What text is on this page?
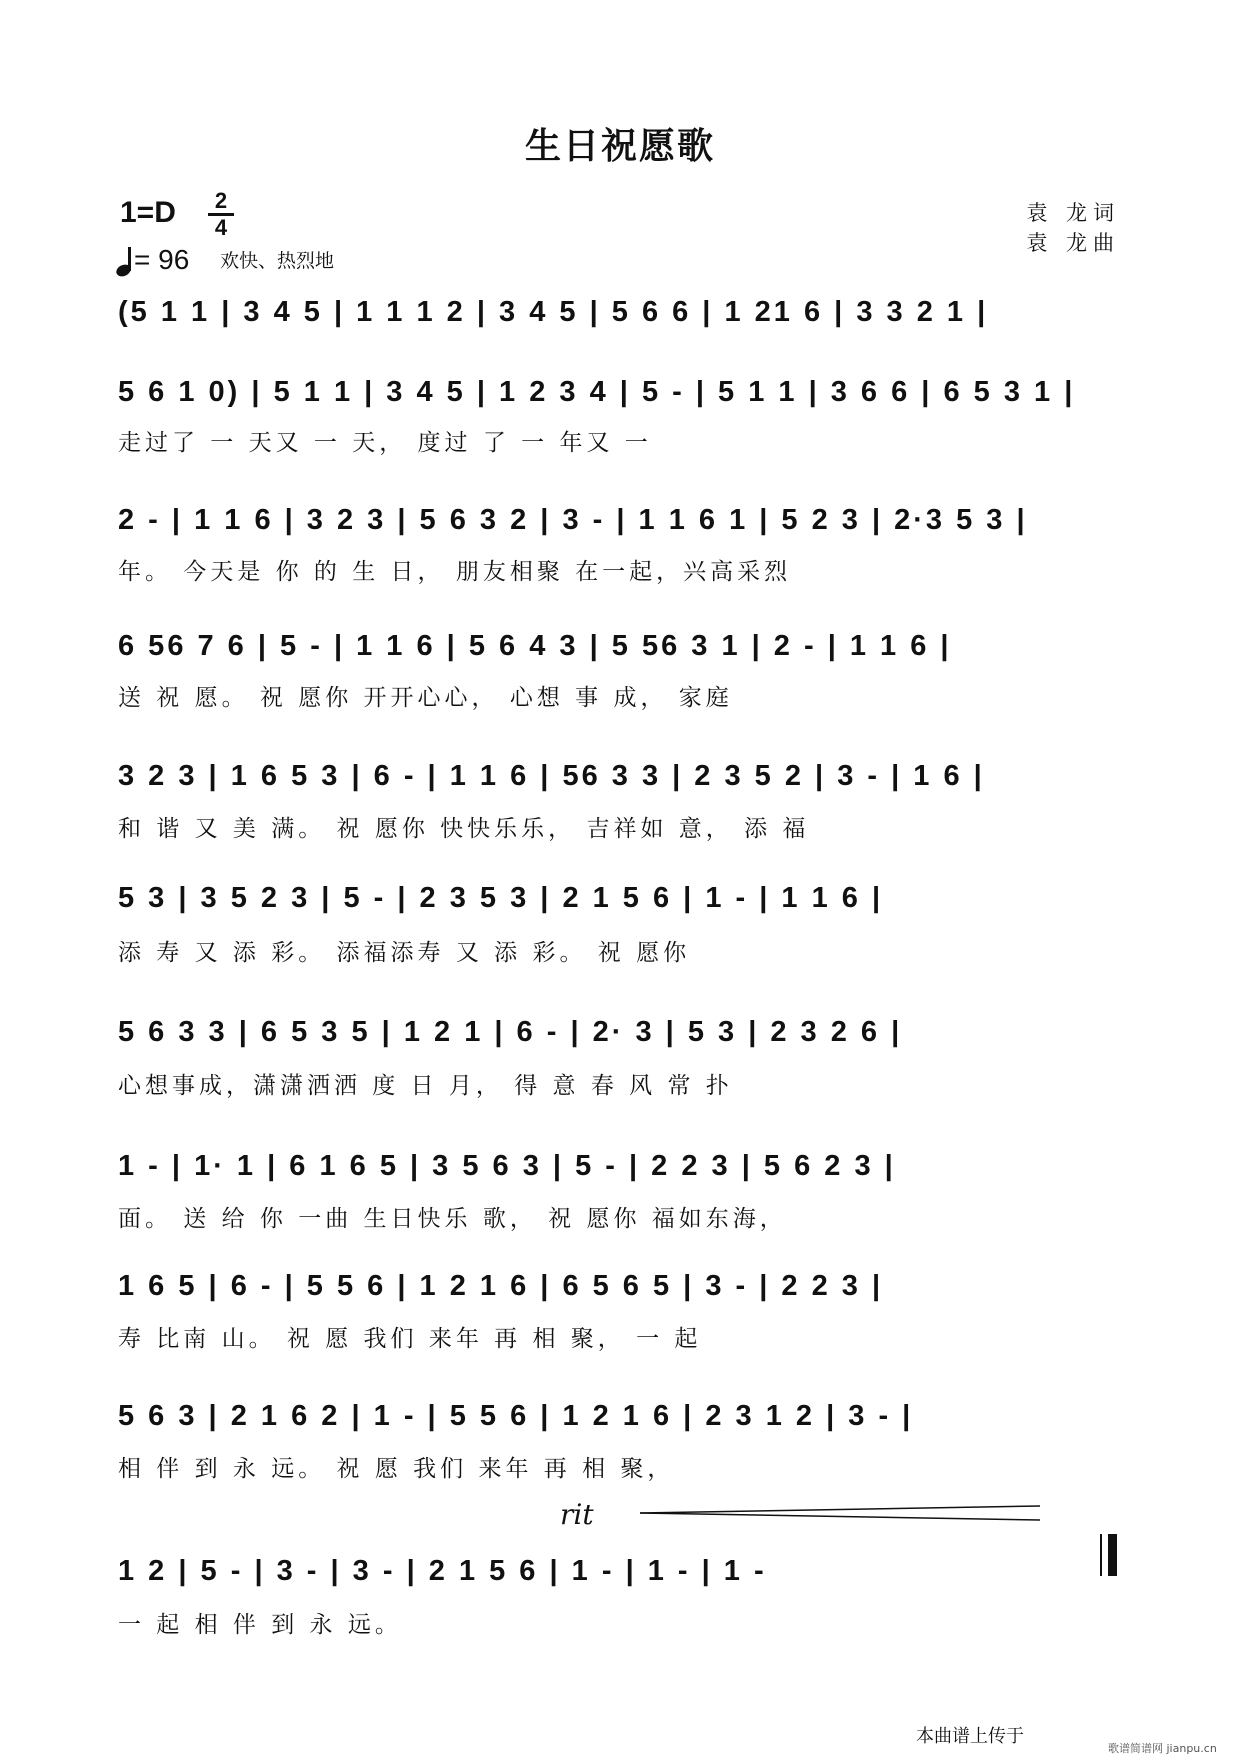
生日祝愿歌
1=D	2
4
= 96 欢快、热烈地
袁 龙词
袁 龙曲
(5 1 1 | 3 4 5 | 1 1 1 2 | 3 4 5 | 5 6 6 | 1 21 6 | 3 3 2 1 |
5 6 1 0) | 5 1 1 | 3 4 5 | 1 2 3 4 | 5 - | 5 1 1 | 3 6 6 | 6 5 3 1 |
走过了 一 天又 一 天， 度过 了 一 年又 一
2 - | 1 1 6 | 3 2 3 | 5 6 3 2 | 3 - | 1 1 6 1 | 5 2 3 | 2·3 5 3 |
年。 今天是 你 的 生 日， 朋友相聚 在一起，兴高采烈
6 56 7 6 | 5 - | 1 1 6 | 5 6 4 3 | 5 56 3 1 | 2 - | 1 1 6 |
送 祝 愿。 祝 愿你 开开心心， 心想 事 成， 家庭
3 2 3 | 1 6 5 3 | 6 - | 1 1 6 | 56 3 3 | 2 3 5 2 | 3 - | 1 6 |
和 谐 又 美 满。 祝 愿你 快快乐乐， 吉祥如 意， 添 福
5 3 | 3 5 2 3 | 5 - | 2 3 5 3 | 2 1 5 6 | 1 - | 1 1 6 |
添 寿 又 添 彩。 添福添寿 又 添 彩。 祝 愿你
5 6 3 3 | 6 5 3 5 | 1 2 1 | 6 - | 2· 3 | 5 3 | 2 3 2 6 |
心想事成，潇潇洒洒 度 日 月， 得 意 春 风 常 扑
1 - | 1· 1 | 6 1 6 5 | 3 5 6 3 | 5 - | 2 2 3 | 5 6 2 3 |
面。 送 给 你 一曲 生日快乐 歌， 祝 愿你 福如东海，
1 6 5 | 6 - | 5 5 6 | 1 2 1 6 | 6 5 6 5 | 3 - | 2 2 3 |
寿 比南 山。 祝 愿 我们 来年 再 相 聚， 一 起
5 6 3 | 2 1 6 2 | 1 - | 5 5 6 | 1 2 1 6 | 2 3 1 2 | 3 - |
相 伴 到 永 远。 祝 愿 我们 来年 再 相 聚，
1 2 | 5 - | 3 - | 3 - | 2 1 5 6 | 1 - | 1 - | 1 -
一 起 相 伴 到 永 远。
rit
本曲谱上传于
歌谱简谱网 jianpu.cn
